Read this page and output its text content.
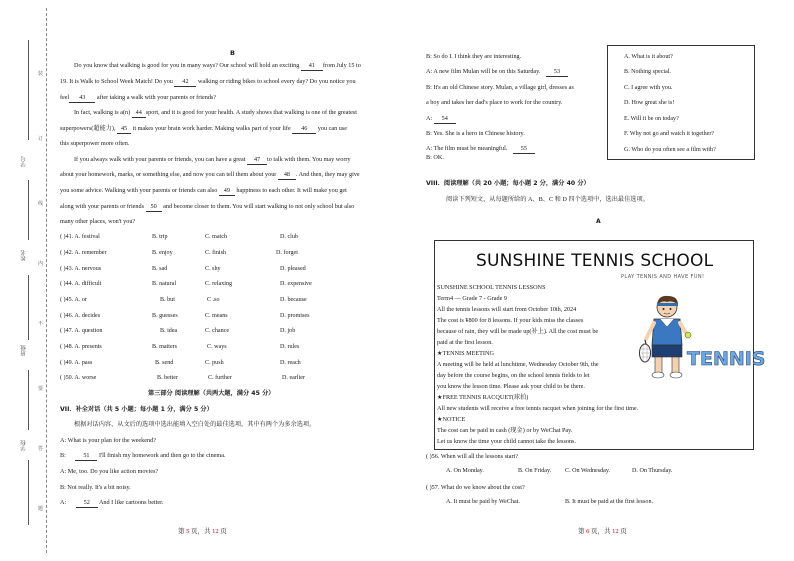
学号
姓名
班级
学校
装
订
线
内
不
要
答
题
B
Do you know that walking is good for you in many ways? Our school will hold an exciting 41 from July 15 to
19. It is Walk to School Week Match! Do you 42 walking or riding bikes to school every day? Do you notice you
feel 43 after taking a walk with your parents or friends?
In fact, walking is a(n) 44 sport, and it is good for your health. A study shows that walking is one of the greatest
superpowers(超能力), 45 it makes your brain work harder. Making walks part of your life 46 you can use
this superpower more often.
If you always walk with your parents or friends, you can have a great 47 to talk with them. You may worry
about your homework, marks, or something else, and now you can tell them about your 48 . And then, they may give
you some advice. Walking with your parents or friends can also 49 happiness to each other. It will make you get
along with your parents or friends 50 and become closer to them. You will start walking to not only school but also
many other places, won't you?
( )41. A. festival	B. trip	C. match	D. club
( )42. A. remember	B. enjoy	C. finish	D. forget
( )43. A. nervous	B. sad	C. shy	D. pleased
( )44. A. difficult	B. natural	C. relaxing	D. expensive
( )45. A. or	B. but	C .so	D. because
( )46. A. decides	B. guesses	C. means	D. promises
( )47. A. question	B. idea	C. chance	D. job
( )48. A. presents	B. matters	C. ways	D. rules
( )49. A. pass	B. send	C. push	D. reach
( )50. A. worse	B. better	C. further	D. earlier
第三部分 阅读理解（共两大题，满分 45 分）
VII．补全对话（共 5 小题；每小题 1 分，满分 5 分）
根据对话内容，从文后的选项中选出能填入空白处的最佳选项，其中有两个为多余选项。
A: What is your plan for the weekend?
B:	51 I'll finish my homework and then go to the cinema.
A: Me, too. Do you like action movies?
B: Not really. It's a bit noisy.
A:	52 And I like cartoons better.
第 5 页，共 12 页
B: So do I. I think they are interesting.
A: A new film Mulan will be on this Saturday. 53
B: It's an old Chinese story. Mulan, a village girl, dresses as
a boy and takes her dad's place to work for the country.
A: 54
B: Yes. She is a hero in Chinese history.
A: The film must be meaningful. 55
B: OK.
A. What is it about?
B. Nothing special.
C. I agree with you.
D. How great she is!
E. Will it be on today?
F. Why not go and watch it together?
G. Who do you often see a film with?
VIII．阅读理解（共 20 小题；每小题 2 分，满分 40 分）
阅读下列短文，从每题所给的 A、B、C 和 D 四个选项中，选出最佳选项。
A
SUNSHINE TENNIS SCHOOL
PLAY TENNIS AND HAVE FUN!
SUNSHINE SCHOOL TENNIS LESSONS
Term4 — Grade 7 - Grade 9
All the tennis lessons will start from October 10th, 2024
The cost is ¥800 for 8 lessons. If your kids miss the classes
because of rain, they will be made up(补上). All the cost must be
paid at the first lesson.
★TENNIS MEETING
A meeting will be held at lunchtime, Wednesday October 9th, the
day before the course begins, on the school tennis fields to let
you know the lesson time. Please ask your child to be there.
★FREE TENNIS RACQUET(球拍)
All new students will receive a free tennis racquet when joining for the first time.
★NOTICE
The cost can be paid in cash (现金) or by WeChat Pay.
Let us know the time your child cannot take the lessons.
TENNIS
( )56. When will all the lessons start?
A. On Monday.	B. On Friday. C. On Wednesday.	D. On Thursday.
( )57. What do we know about the cost?
A. It must be paid by WeChat.	B. It must be paid at the first lesson.
第 6 页，共 12 页
